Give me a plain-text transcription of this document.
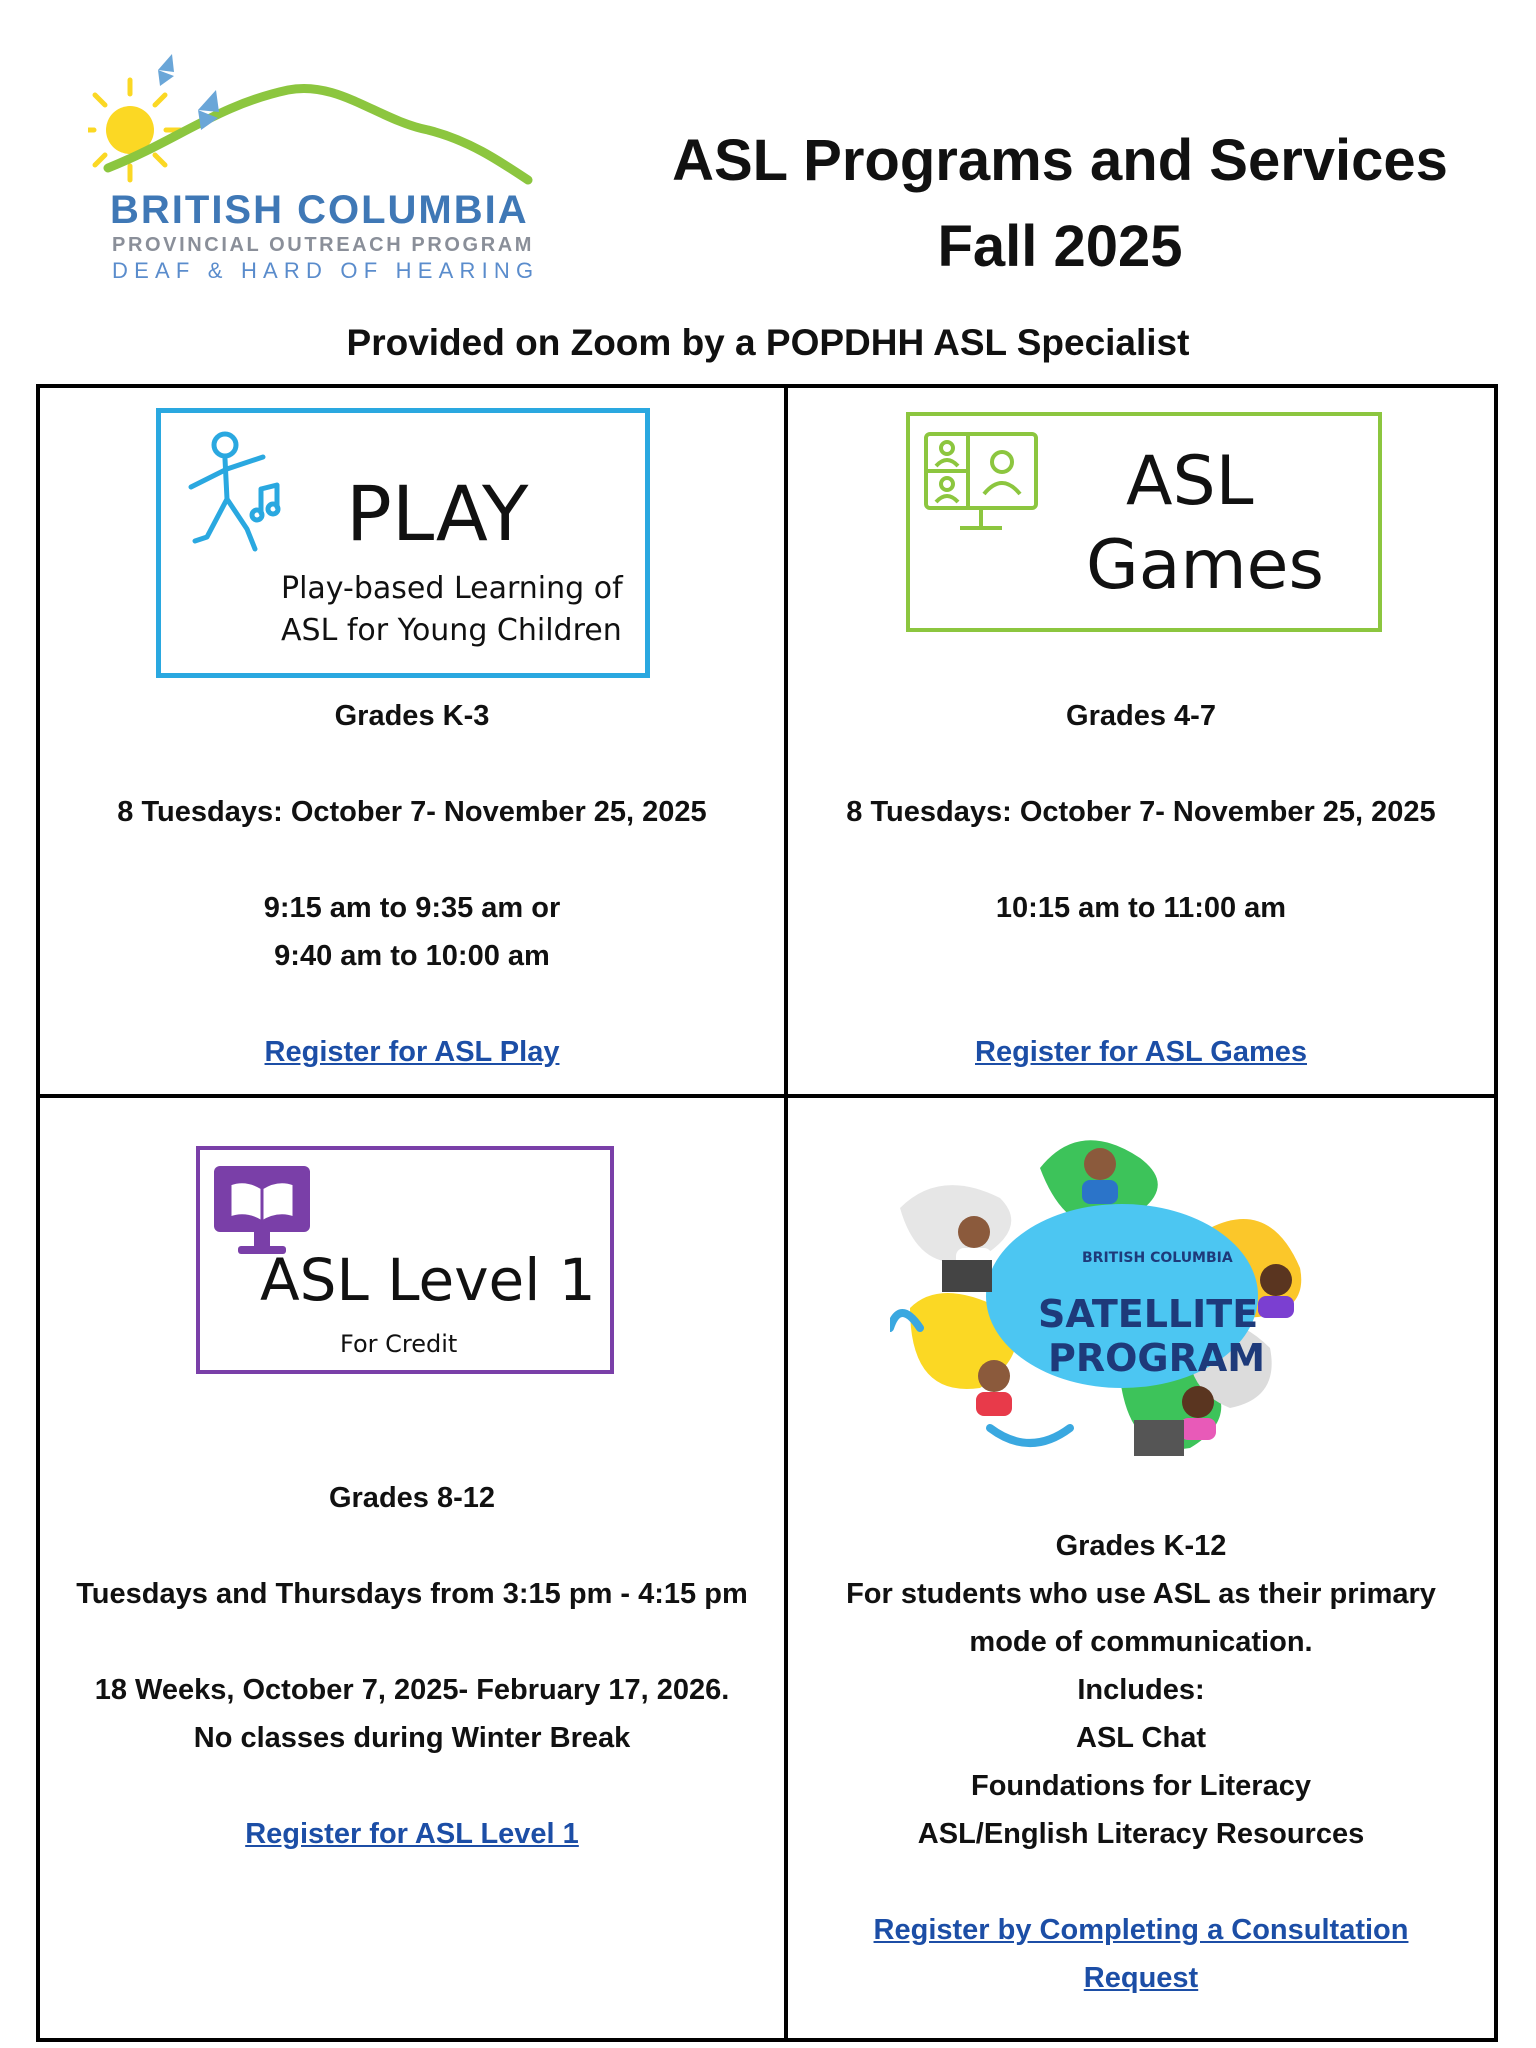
BRITISH COLUMBIA
PROVINCIAL OUTREACH PROGRAM
DEAF & HARD OF HEARING
ASL Programs and Services
Fall 2025
Provided on Zoom by a POPDHH ASL Specialist
PLAY
Play-based Learning of
ASL for Young Children
Grades K-3
8 Tuesdays: October 7- November 25, 2025
9:15 am to 9:35 am or
9:40 am to 10:00 am
Register for ASL Play
ASL
Games
Grades 4-7
8 Tuesdays: October 7- November 25, 2025
10:15 am to 11:00 am
Register for ASL Games
ASL Level 1
For Credit
Grades 8-12
Tuesdays and Thursdays from 3:15 pm - 4:15 pm
18 Weeks, October 7, 2025- February 17, 2026.
No classes during Winter Break
Register for ASL Level 1
BRITISH COLUMBIA
SATELLITE
PROGRAM
Grades K-12
For students who use ASL as their primary
mode of communication.
Includes:
ASL Chat
Foundations for Literacy
ASL/English Literacy Resources
Register by Completing a Consultation
Request
